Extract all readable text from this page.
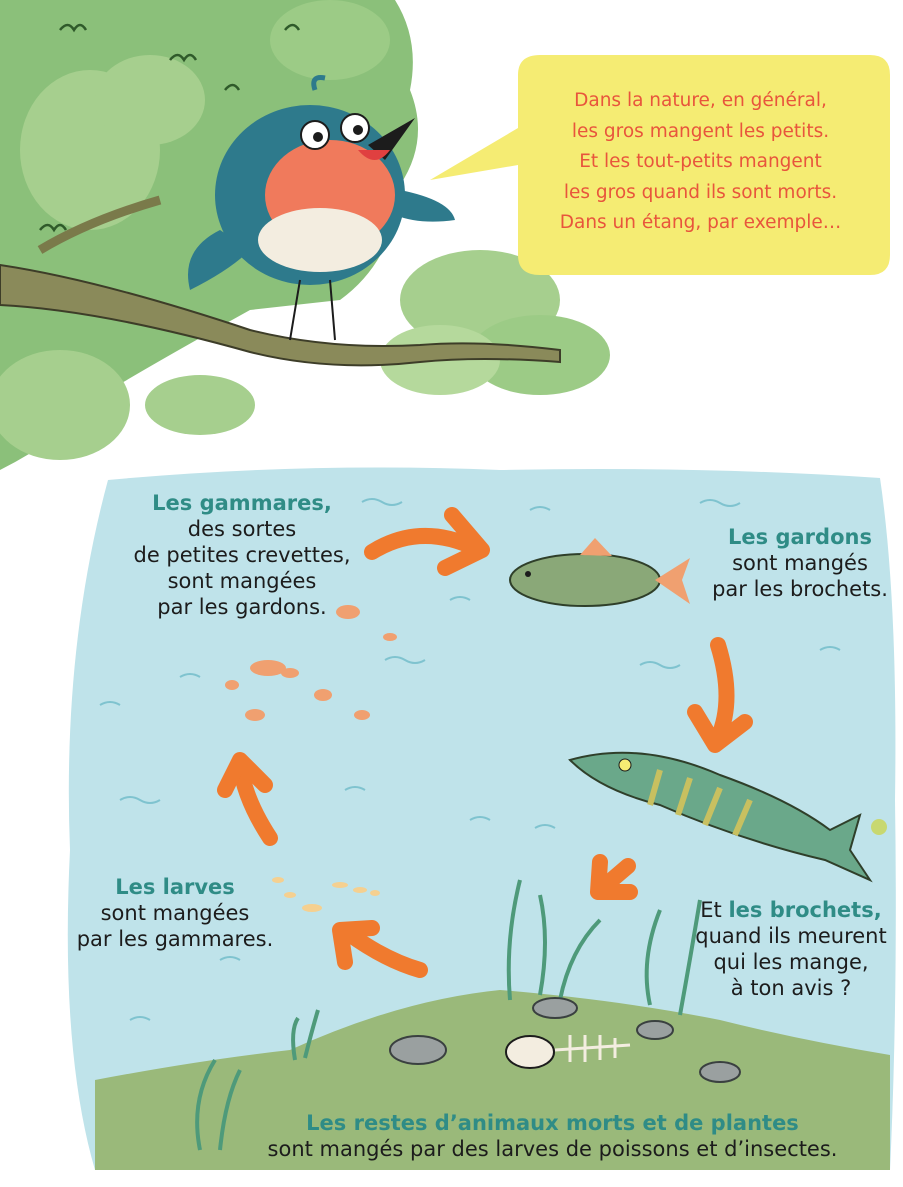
Dans la nature, en général,
les gros mangent les petits.
Et les tout-petits mangent
les gros quand ils sont morts.
Dans un étang, par exemple…
Les gammares,
des sortes
de petites crevettes,
sont mangées
par les gardons.
Les gardons
sont mangés
par les brochets.
Et les brochets,
quand ils meurent
qui les mange,
à ton avis ?
Les larves
sont mangées
par les gammares.
Les restes d’animaux morts et de plantes
sont mangés par des larves de poissons et d’insectes.
